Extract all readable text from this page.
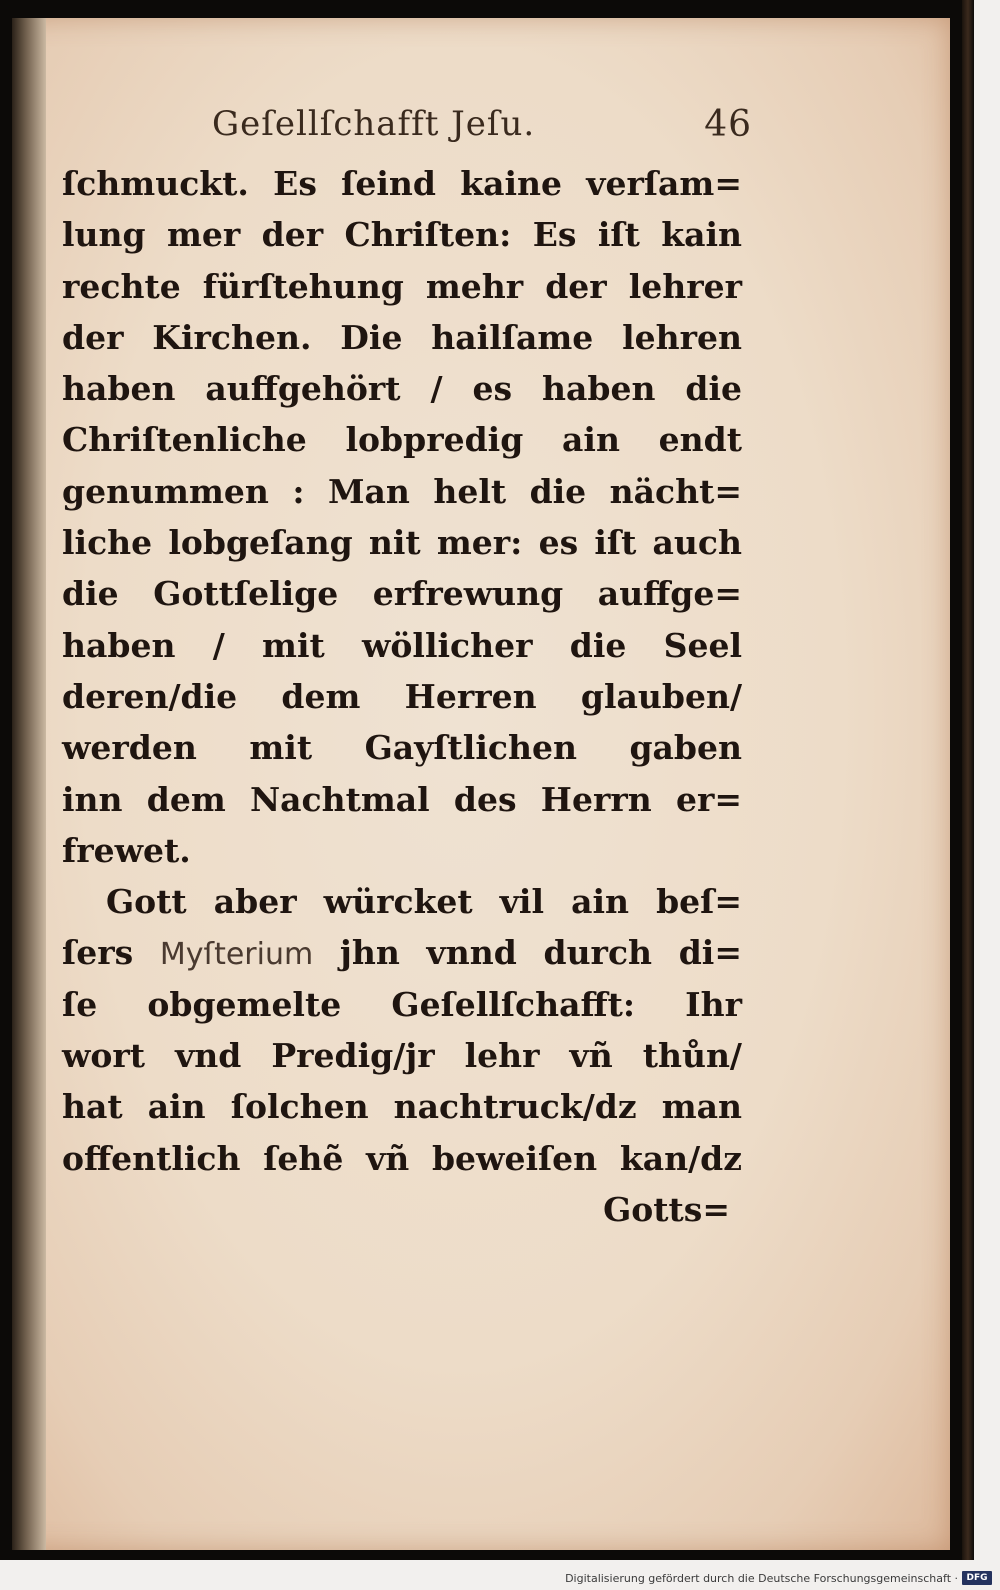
Geſellſchafft Jeſu.	46
ſchmuckt. Es ſeind kaine verſam=
lung mer der Chriſten: Es iſt kain
rechte fürſtehung mehr der lehrer
der Kirchen. Die hailſame lehren
haben auffgehört / es haben die
Chriſtenliche lobpredig ain endt
genummen : Man helt die nächt=
liche lobgeſang nit mer: es iſt auch
die Gottſelige erfrewung auffge=
haben / mit wöllicher die Seel
deren/die dem Herren glauben/
werden mit Gayſtlichen gaben
inn dem Nachtmal des Herrn er=
frewet.
Gott aber würcket vil ain beſ=
ſers Myſterium jhn vnnd durch di=
ſe obgemelte Geſellſchafft: Ihr
wort vnd Predig/jr lehr vñ thůn/
hat ain ſolchen nachtruck/dz man
offentlich ſehẽ vñ beweiſen kan/dz
Gotts=
Digitalisierung gefördert durch die Deutsche Forschungsgemeinschaft · DFG
